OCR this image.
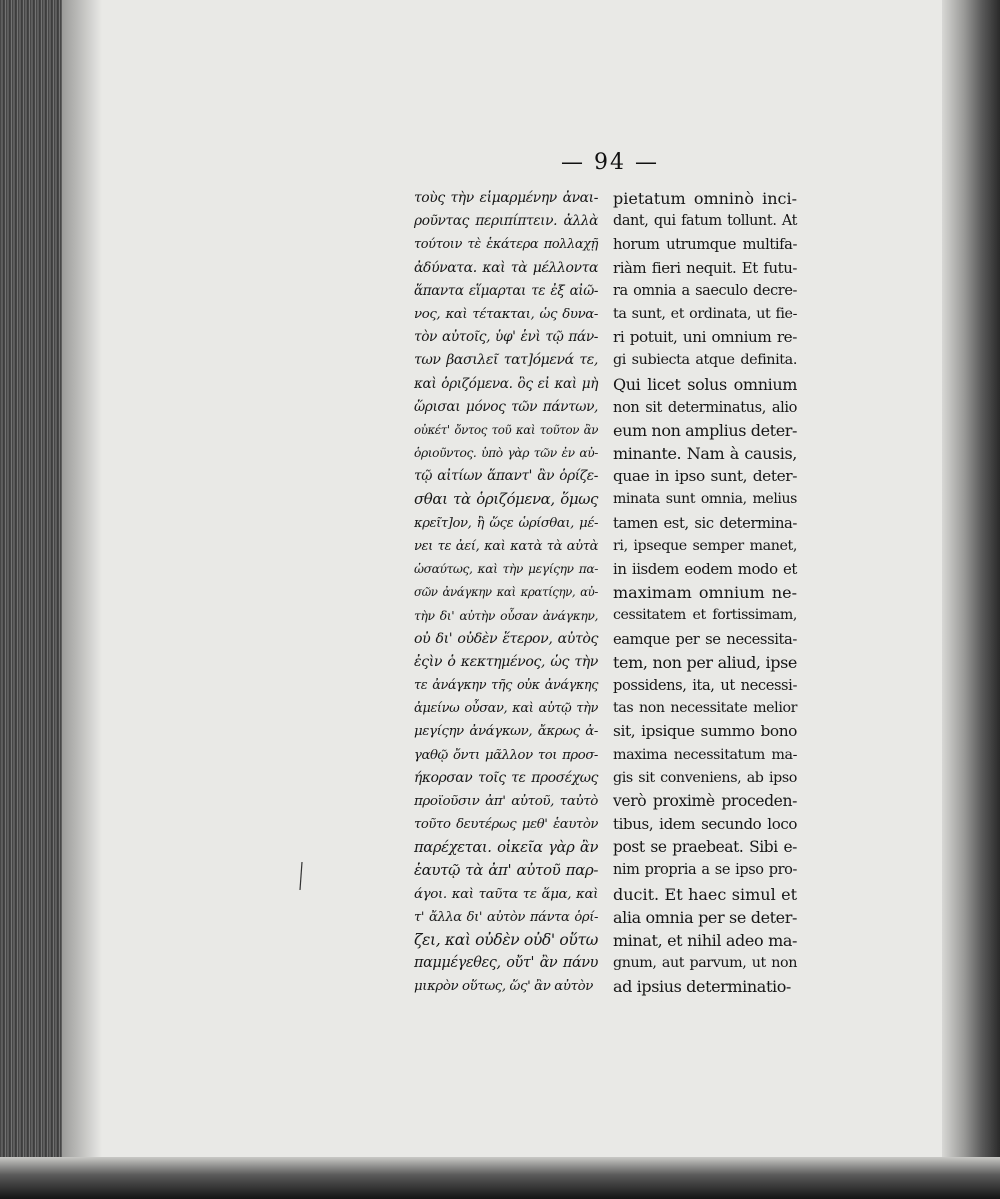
— 94 —
τοὺς τὴν εἱμαρμένην ἀναι-
ροῦντας περιπίπτειν. ἀλλὰ
τούτοιν τὲ ἑκάτερα πολλαχῇ
ἀδύνατα. καὶ τὰ μέλλοντα
ἅπαντα εἵμαρται τε ἐξ αἰῶ-
νος, καὶ τέτακται, ὡς δυνα-
τὸν αὐτοῖς, ὑφ' ἑνὶ τῷ πάν-
των βασιλεῖ τατ]όμενά τε,
καὶ ὁριζόμενα. ὃς εἰ καὶ μὴ
ὥρισαι μόνος τῶν πάντων,
οὐκέτ' ὄντος τοῦ καὶ τοῦτον ἂν
ὁριοῦντος. ὑπὸ γὰρ τῶν ἐν αὐ-
τῷ αἰτίων ἅπαντ' ἂν ὁρίζε-
σθαι τὰ ὁριζόμενα, ὅμως
κρεῖτ]ον, ἢ ὥςε ὡρίσθαι, μέ-
νει τε ἀεί, καὶ κατὰ τὰ αὐτὰ
ὡσαύτως, καὶ τὴν μεγίςην πα-
σῶν ἀνάγκην καὶ κρατίςην, αὐ-
τὴν δι' αὐτὴν οὖσαν ἀνάγκην,
οὐ δι' οὐδὲν ἕτερον, αὐτὸς
ἐςὶν ὁ κεκτημένος, ὡς τὴν
τε ἀνάγκην τῆς οὐκ ἀνάγκης
ἀμείνω οὖσαν, καὶ αὐτῷ τὴν
μεγίςην ἀνάγκων, ἄκρως ἀ-
γαθῷ ὄντι μᾶλλον τοι προσ-
ήκορσαν τοῖς τε προσέχως
προϊοῦσιν ἀπ' αὐτοῦ, ταὐτὸ
τοῦτο δευτέρως μεθ' ἑαυτὸν
παρέχεται. οἰκεῖα γὰρ ἂν
ἑαυτῷ τὰ ἀπ' αὐτοῦ παρ-
άγοι. καὶ ταῦτα τε ἅμα, καὶ
τ' ἄλλα δι' αὐτὸν πάντα ὁρί-
ζει, καὶ οὐδὲν οὐδ' οὕτω
παμμέγεθες, οὔτ' ἂν πάνυ
μικρὸν οὕτως, ὥς' ἂν αὐτὸν
pietatum omninò inci-
dant, qui fatum tollunt. At
horum utrumque multifa-
riàm fieri nequit. Et futu-
ra omnia a saeculo decre-
ta sunt, et ordinata, ut fie-
ri potuit, uni omnium re-
gi subiecta atque definita.
Qui licet solus omnium
non sit determinatus, alio
eum non amplius deter-
minante. Nam à causis,
quae in ipso sunt, deter-
minata sunt omnia, melius
tamen est, sic determina-
ri, ipseque semper manet,
in iisdem eodem modo et
maximam omnium ne-
cessitatem et fortissimam,
eamque per se necessita-
tem, non per aliud, ipse
possidens, ita, ut necessi-
tas non necessitate melior
sit, ipsique summo bono
maxima necessitatum ma-
gis sit conveniens, ab ipso
verò proximè proceden-
tibus, idem secundo loco
post se praebeat. Sibi e-
nim propria a se ipso pro-
ducit. Et haec simul et
alia omnia per se deter-
minat, et nihil adeo ma-
gnum, aut parvum, ut non
ad ipsius determinatio-
